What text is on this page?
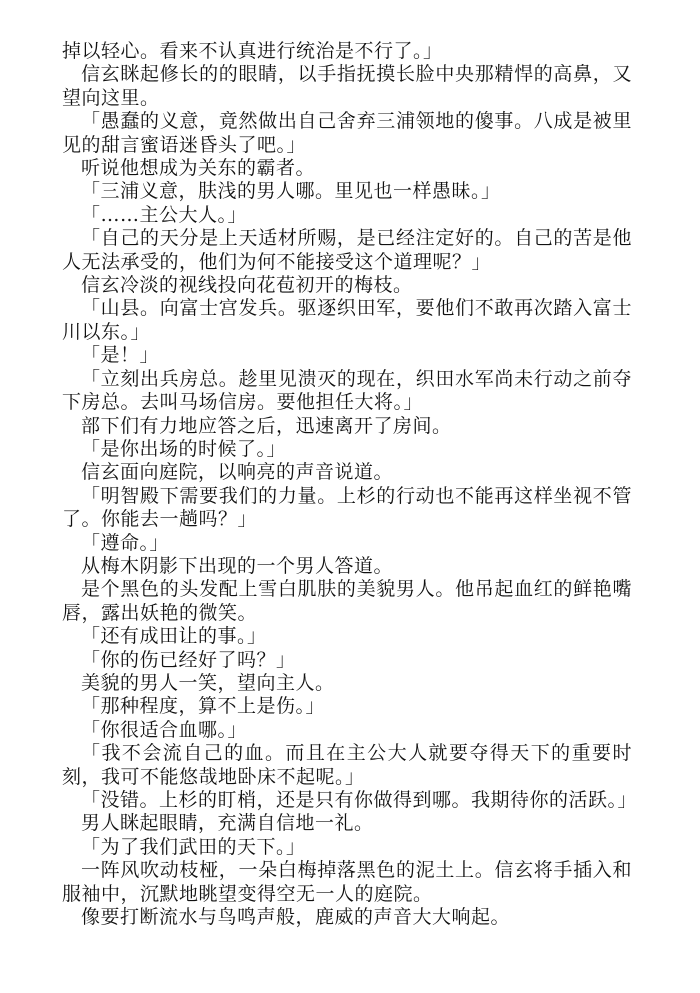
掉以轻心。看来不认真进行统治是不行了。」

信玄眯起修长的的眼睛，以手指抚摸长脸中央那精悍的高鼻，又望向这里。

「愚蠢的义意，竟然做出自己舍弃三浦领地的傻事。八成是被里见的甜言蜜语迷昏头了吧。」

听说他想成为关东的霸者。

「三浦义意，肤浅的男人哪。里见也一样愚昧。」

「……主公大人。」

「自己的天分是上天适材所赐，是已经注定好的。自己的苦是他人无法承受的，他们为何不能接受这个道理呢？」

信玄冷淡的视线投向花苞初开的梅枝。

「山县。向富士宫发兵。驱逐织田军，要他们不敢再次踏入富士川以东。」

「是！」

「立刻出兵房总。趁里见溃灭的现在，织田水军尚未行动之前夺下房总。去叫马场信房。要他担任大将。」

部下们有力地应答之后，迅速离开了房间。

「是你出场的时候了。」

信玄面向庭院，以响亮的声音说道。

「明智殿下需要我们的力量。上杉的行动也不能再这样坐视不管了。你能去一趟吗？」

「遵命。」

从梅木阴影下出现的一个男人答道。

是个黑色的头发配上雪白肌肤的美貌男人。他吊起血红的鲜艳嘴唇，露出妖艳的微笑。

「还有成田让的事。」

「你的伤已经好了吗？」

美貌的男人一笑，望向主人。

「那种程度，算不上是伤。」

「你很适合血哪。」

「我不会流自己的血。而且在主公大人就要夺得天下的重要时刻，我可不能悠哉地卧床不起呢。」

「没错。上杉的盯梢，还是只有你做得到哪。我期待你的活跃。」

男人眯起眼睛，充满自信地一礼。

「为了我们武田的天下。」

一阵风吹动枝桠，一朵白梅掉落黑色的泥土上。信玄将手插入和服袖中，沉默地眺望变得空无一人的庭院。

像要打断流水与鸟鸣声般，鹿威的声音大大响起。
